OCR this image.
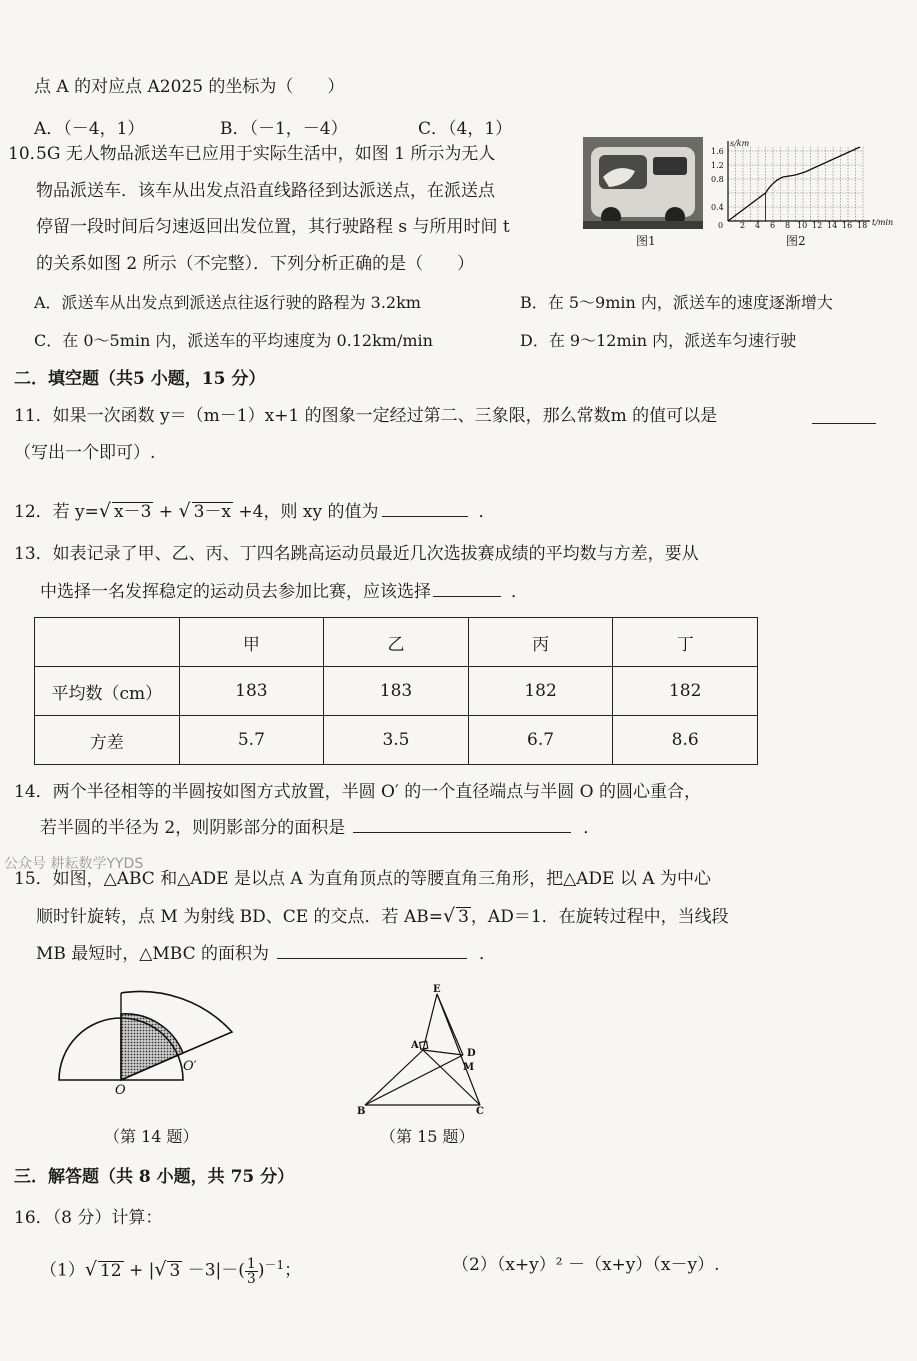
点 A 的对应点 A2025 的坐标为（　　）
A．（－4，1）	B．（－1，－4）	C．（4，1）
10．
5G 无人物品派送车已应用于实际生活中，如图 1 所示为无人
物品派送车．该车从出发点沿直线路径到达派送点，在派送点
停留一段时间后匀速返回出发位置，其行驶路程 s 与所用时间 t
的关系如图 2 所示（不完整）．下列分析正确的是（　　）
A．派送车从出发点到派送点往返行驶的路程为 3.2km	B．在 5～9min 内，派送车的速度逐渐增大
C．在 0～5min 内，派送车的平均速度为 0.12km/min	D．在 9～12min 内，派送车匀速行驶
图1
s/km
t/min
1.6
1.2
0.8
0.4
0 2 4 6 8 10 12 14 16 18
图2
二．填空题（共5 小题，15 分）
11．如果一次函数 y＝（m－1）x+1 的图象一定经过第二、三象限，那么常数m 的值可以是
（写出一个即可）.
12．若 y=√ x－3 + √ 3－x +4，则 xy 的值为	．
13．如表记录了甲、乙、丙、丁四名跳高运动员最近几次选拔赛成绩的平均数与方差，要从
中选择一名发挥稳定的运动员去参加比赛，应该选择	．
	甲	乙	丙	丁
平均数（cm）	183	183	182	182
方差	5.7	3.5	6.7	8.6
14．两个半径相等的半圆按如图方式放置，半圆 O′ 的一个直径端点与半圆 O 的圆心重合，
若半圆的半径为 2，则阴影部分的面积是	．
公众号 耕耘数学YYDS
15．如图，△ABC 和△ADE 是以点 A 为直角顶点的等腰直角三角形，把△ADE 以 A 为中心
顺时针旋转，点 M 为射线 BD、CE 的交点．若 AB=√ 3 ，AD＝1．在旋转过程中，当线段
MB 最短时，△MBC 的面积为	．
O
O′
（第 14 题）
E
A
D
M
B	C
（第 15 题）
三．解答题（共 8 小题，共 75 分）
16．（8 分）计算：
（1）√ 12 + |√ $3 -3|-( \frac{1}{3} )^{-1}$；	（2）（x+y）² －（x+y）（x－y）.
